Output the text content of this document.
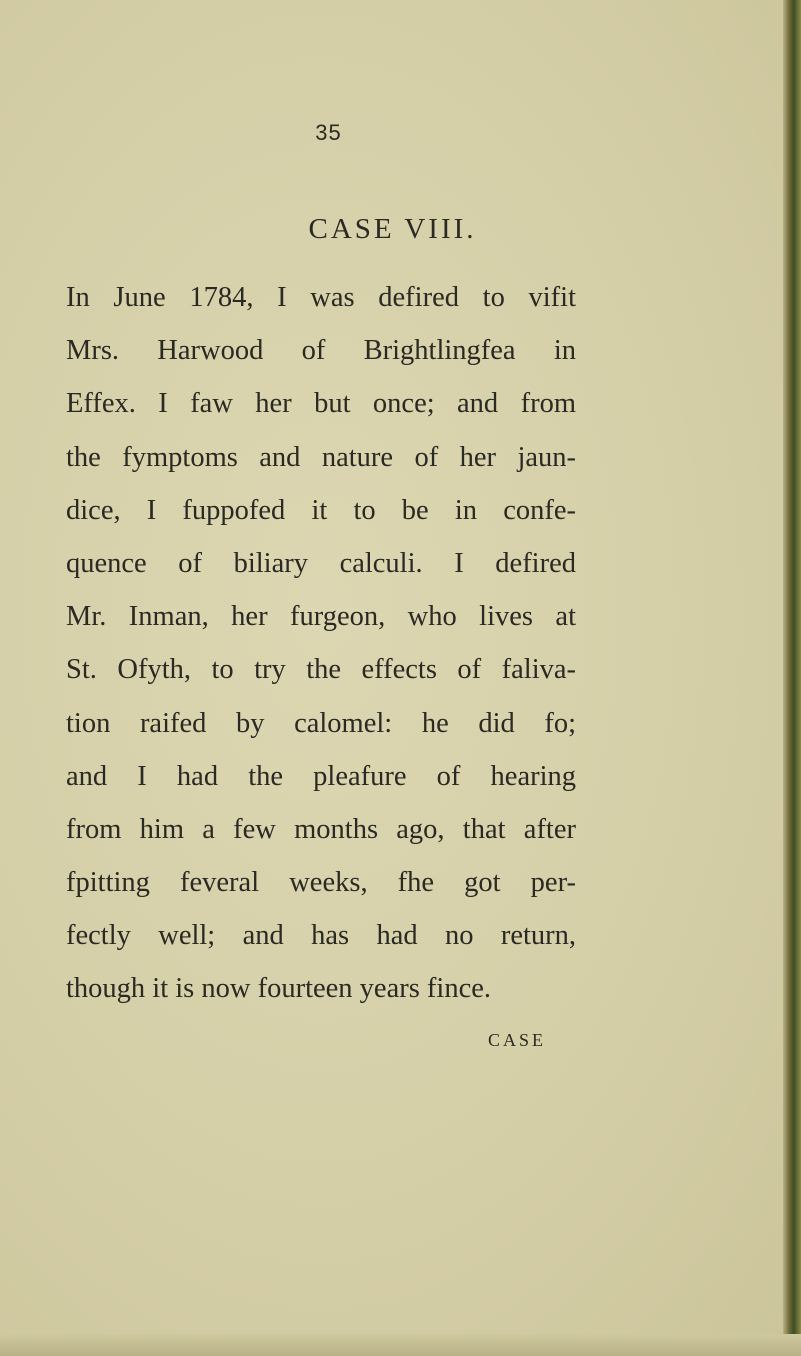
35
CASE VIII.
In June 1784, I was defired to vifit
Mrs. Harwood of Brightlingfea in
Effex. I faw her but once; and from
the fymptoms and nature of her jaun-
dice, I fuppofed it to be in confe-
quence of biliary calculi. I defired
Mr. Inman, her furgeon, who lives at
St. Ofyth, to try the effects of faliva-
tion raifed by calomel: he did fo;
and I had the pleafure of hearing
from him a few months ago, that after
fpitting feveral weeks, fhe got per-
fectly well; and has had no return,
though it is now fourteen years fince.
CASE
